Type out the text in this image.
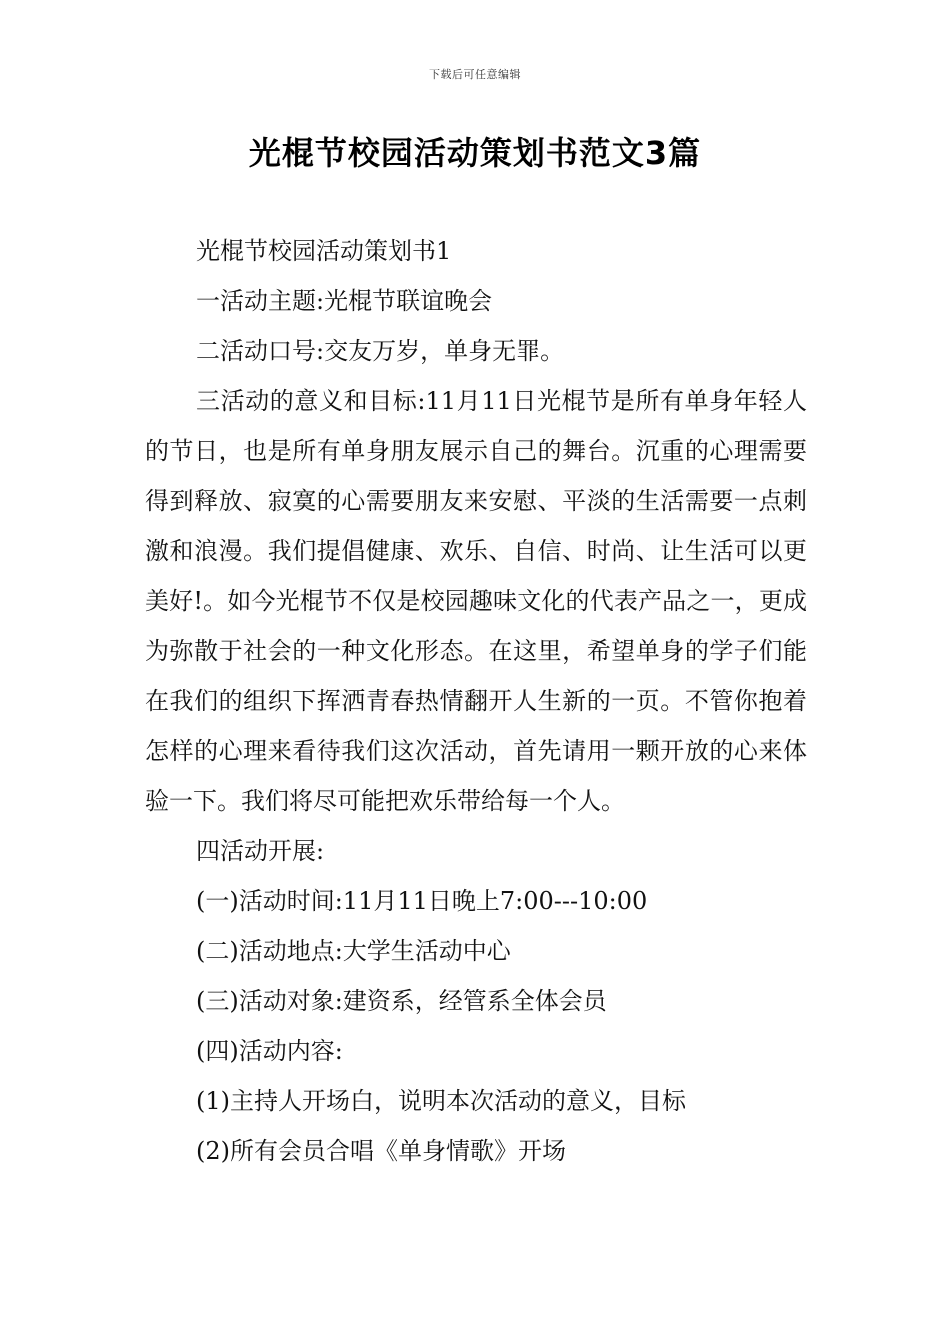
下载后可任意编辑
光棍节校园活动策划书范文3篇

光棍节校园活动策划书1

一活动主题:光棍节联谊晚会

二活动口号:交友万岁，单身无罪。

三活动的意义和目标:11月11日光棍节是所有单身年轻人的节日，也是所有单身朋友展示自己的舞台。沉重的心理需要得到释放、寂寞的心需要朋友来安慰、平淡的生活需要一点刺激和浪漫。我们提倡健康、欢乐、自信、时尚、让生活可以更美好!。如今光棍节不仅是校园趣味文化的代表产品之一，更成为弥散于社会的一种文化形态。在这里，希望单身的学子们能在我们的组织下挥洒青春热情翻开人生新的一页。不管你抱着怎样的心理来看待我们这次活动，首先请用一颗开放的心来体验一下。我们将尽可能把欢乐带给每一个人。

四活动开展:

(一)活动时间:11月11日晚上7:00---10:00

(二)活动地点:大学生活动中心

(三)活动对象:建资系，经管系全体会员

(四)活动内容:

(1)主持人开场白，说明本次活动的意义，目标

(2)所有会员合唱《单身情歌》开场
